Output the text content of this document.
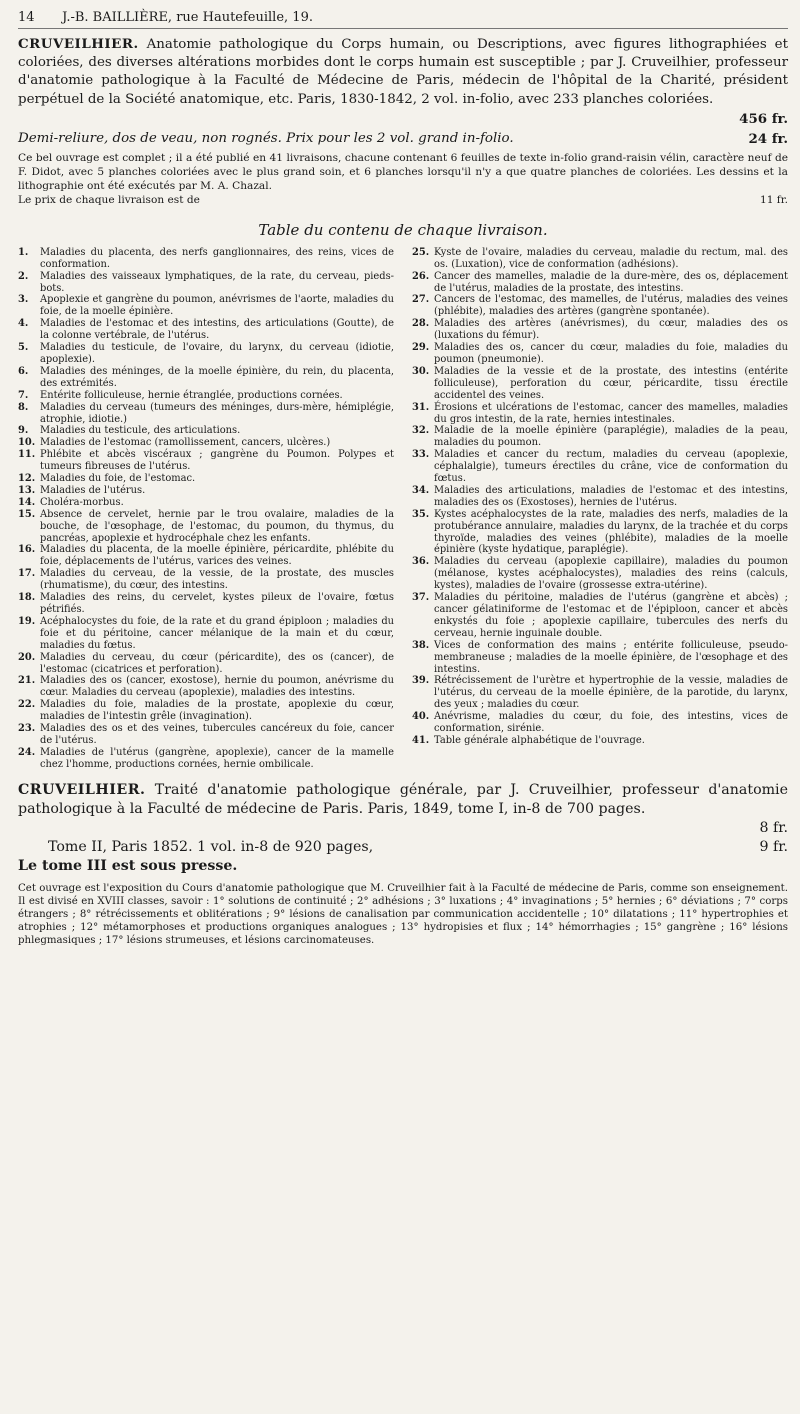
14 J.-B. BAILLIÈRE, rue Hautefeuille, 19.

CRUVEILHIER. Anatomie pathologique du Corps humain, ou Descriptions, avec figures lithographiées et coloriées, des diverses altérations morbides dont le corps humain est susceptible ; par J. Cruveilhier, professeur d'anatomie pathologique à la Faculté de Médecine de Paris, médecin de l'hôpital de la Charité, président perpétuel de la Société anatomique, etc. Paris, 1830-1842, 2 vol. in-folio, avec 233 planches coloriées.

456 fr.
Demi-reliure, dos de veau, non rognés. Prix pour les 2 vol. grand in-folio.	24 fr.

Ce bel ouvrage est complet ; il a été publié en 41 livraisons, chacune contenant 6 feuilles de texte in-folio grand-raisin vélin, caractère neuf de F. Didot, avec 5 planches coloriées avec le plus grand soin, et 6 planches lorsqu'il n'y a que quatre planches de coloriées. Les dessins et la lithographie ont été exécutés par M. A. Chazal.

Le prix de chaque livraison est de	11 fr.
Table du contenu de chaque livraison.
1.	Maladies du placenta, des nerfs ganglionnaires, des reins, vices de conformation.
2.	Maladies des vaisseaux lymphatiques, de la rate, du cerveau, pieds-bots.
3.	Apoplexie et gangrène du poumon, anévrismes de l'aorte, maladies du foie, de la moelle épinière.
4.	Maladies de l'estomac et des intestins, des articulations (Goutte), de la colonne vertébrale, de l'utérus.
5.	Maladies du testicule, de l'ovaire, du larynx, du cerveau (idiotie, apoplexie).
6.	Maladies des méninges, de la moelle épinière, du rein, du placenta, des extrémités.
7.	Entérite folliculeuse, hernie étranglée, productions cornées.
8.	Maladies du cerveau (tumeurs des méninges, durs-mère, hémiplégie, atrophie, idiotie.)
9.	Maladies du testicule, des articulations.
10. Maladies de l'estomac (ramollissement, cancers, ulcères.)
11. Phlébite et abcès viscéraux ; gangrène du Poumon. Polypes et tumeurs fibreuses de l'utérus.
12. Maladies du foie, de l'estomac.
13. Maladies de l'utérus.
14. Choléra-morbus.
15. Absence de cervelet, hernie par le trou ovalaire, maladies de la bouche, de l'œsophage, de l'estomac, du poumon, du thymus, du pancréas, apoplexie et hydrocéphale chez les enfants.
16. Maladies du placenta, de la moelle épinière, péricardite, phlébite du foie, déplacements de l'utérus, varices des veines.
17. Maladies du cerveau, de la vessie, de la prostate, des muscles (rhumatisme), du cœur, des intestins.
18. Maladies des reins, du cervelet, kystes pileux de l'ovaire, fœtus pétrifiés.
19. Acéphalocystes du foie, de la rate et du grand épiploon ; maladies du foie et du péritoine, cancer mélanique de la main et du cœur, maladies du fœtus.
20. Maladies du cerveau, du cœur (péricardite), des os (cancer), de l'estomac (cicatrices et perforation).
21. Maladies des os (cancer, exostose), hernie du poumon, anévrisme du cœur. Maladies du cerveau (apoplexie), maladies des intestins.
22. Maladies du foie, maladies de la prostate, apoplexie du cœur, maladies de l'intestin grêle (invagination).
23. Maladies des os et des veines, tubercules cancéreux du foie, cancer de l'utérus.
24. Maladies de l'utérus (gangrène, apoplexie), cancer de la mamelle chez l'homme, productions cornées, hernie ombilicale.
25. Kyste de l'ovaire, maladies du cerveau, maladie du rectum, mal. des os. (Luxation), vice de conformation (adhésions).
26. Cancer des mamelles, maladie de la dure-mère, des os, déplacement de l'utérus, maladies de la prostate, des intestins.
27. Cancers de l'estomac, des mamelles, de l'utérus, maladies des veines (phlébite), maladies des artères (gangrène spontanée).
28. Maladies des artères (anévrismes), du cœur, maladies des os (luxations du fémur).
29. Maladies des os, cancer du cœur, maladies du foie, maladies du poumon (pneumonie).
30. Maladies de la vessie et de la prostate, des intestins (entérite folliculeuse), perforation du cœur, péricardite, tissu érectile accidentel des veines.
31. Érosions et ulcérations de l'estomac, cancer des mamelles, maladies du gros intestin, de la rate, hernies intestinales.
32. Maladie de la moelle épinière (paraplégie), maladies de la peau, maladies du poumon.
33. Maladies et cancer du rectum, maladies du cerveau (apoplexie, céphalalgie), tumeurs érectiles du crâne, vice de conformation du fœtus.
34. Maladies des articulations, maladies de l'estomac et des intestins, maladies des os (Exostoses), hernies de l'utérus.
35. Kystes acéphalocystes de la rate, maladies des nerfs, maladies de la protubérance annulaire, maladies du larynx, de la trachée et du corps thyroïde, maladies des veines (phlébite), maladies de la moelle épinière (kyste hydatique, paraplégie).
36. Maladies du cerveau (apoplexie capillaire), maladies du poumon (mélanose, kystes acéphalocystes), maladies des reins (calculs, kystes), maladies de l'ovaire (grossesse extra-utérine).
37. Maladies du péritoine, maladies de l'utérus (gangrène et abcès) ; cancer gélatiniforme de l'estomac et de l'épiploon, cancer et abcès enkystés du foie ; apoplexie capillaire, tubercules des nerfs du cerveau, hernie inguinale double.
38. Vices de conformation des mains ; entérite folliculeuse, pseudo-membraneuse ; maladies de la moelle épinière, de l'œsophage et des intestins.
39. Rétrécissement de l'urètre et hypertrophie de la vessie, maladies de l'utérus, du cerveau de la moelle épinière, de la parotide, du larynx, des yeux ; maladies du cœur.
40. Anévrisme, maladies du cœur, du foie, des intestins, vices de conformation, sirénie.
41. Table générale alphabétique de l'ouvrage.

CRUVEILHIER. Traité d'anatomie pathologique générale, par J. Cruveilhier, professeur d'anatomie pathologique à la Faculté de médecine de Paris. Paris, 1849, tome I, in-8 de 700 pages.

8 fr.
Tome II, Paris 1852. 1 vol. in-8 de 920 pages,	9 fr.
Le tome III est sous presse.

Cet ouvrage est l'exposition du Cours d'anatomie pathologique que M. Cruveilhier fait à la Faculté de médecine de Paris, comme son enseignement. Il est divisé en XVIII classes, savoir : 1° solutions de continuité ; 2° adhésions ; 3° luxations ; 4° invaginations ; 5° hernies ; 6° déviations ; 7° corps étrangers ; 8° rétrécissements et oblitérations ; 9° lésions de canalisation par communication accidentelle ; 10° dilatations ; 11° hypertrophies et atrophies ; 12° métamorphoses et productions organiques analogues ; 13° hydropisies et flux ; 14° hémorrhagies ; 15° gangrène ; 16° lésions phlegmasiques ; 17° lésions strumeuses, et lésions carcinomateuses.
